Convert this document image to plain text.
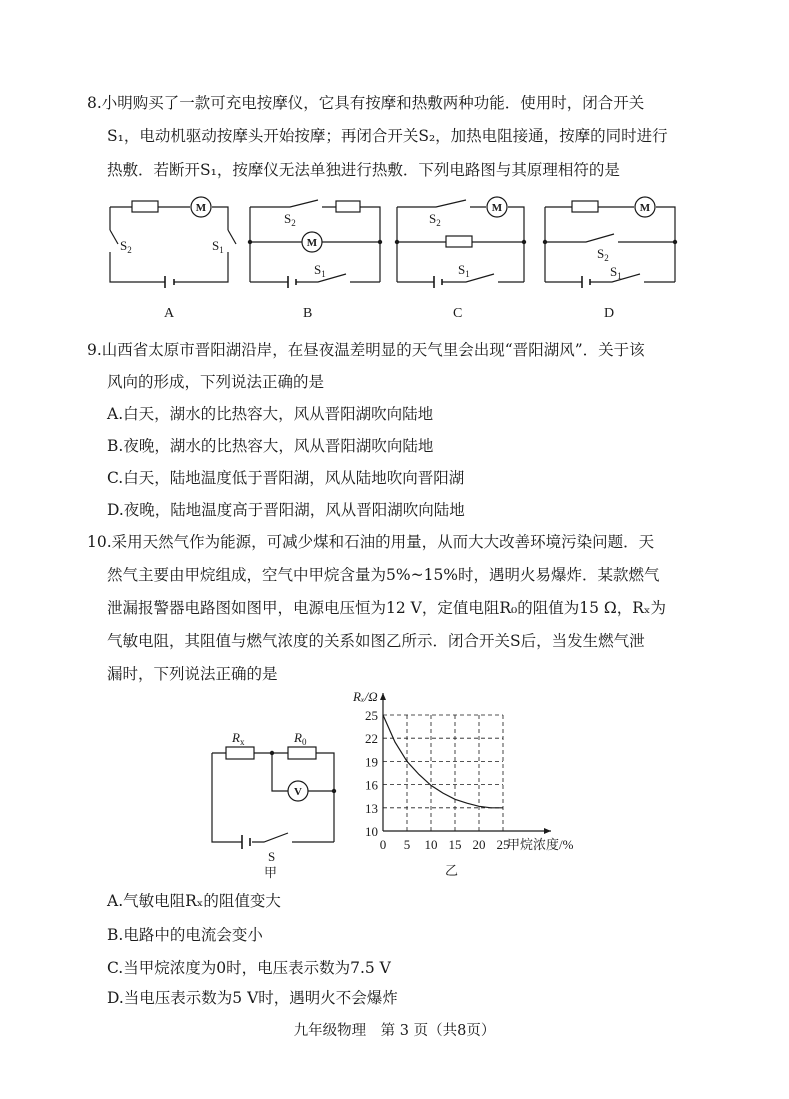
8.小明购买了一款可充电按摩仪，它具有按摩和热敷两种功能．使用时，闭合开关
S₁，电动机驱动按摩头开始按摩；再闭合开关S₂，加热电阻接通，按摩的同时进行
热敷．若断开S₁，按摩仪无法单独进行热敷．下列电路图与其原理相符的是
M
M
M	M
$S_2$	$S_1$
$S_2$
$S_1$
$S_2$
$S_1$
$S_2$
$S_1$
A	B	C	D
9.山西省太原市晋阳湖沿岸，在昼夜温差明显的天气里会出现“晋阳湖风”．关于该
风向的形成，下列说法正确的是
A.白天，湖水的比热容大，风从晋阳湖吹向陆地
B.夜晚，湖水的比热容大，风从晋阳湖吹向陆地
C.白天，陆地温度低于晋阳湖，风从陆地吹向晋阳湖
D.夜晚，陆地温度高于晋阳湖，风从晋阳湖吹向陆地
10.采用天然气作为能源，可减少煤和石油的用量，从而大大改善环境污染问题．天
然气主要由甲烷组成，空气中甲烷含量为5%~15%时，遇明火易爆炸．某款燃气
泄漏报警器电路图如图甲，电源电压恒为12 V，定值电阻R₀的阻值为15 Ω，Rₓ为
气敏电阻，其阻值与燃气浓度的关系如图乙所示．闭合开关S后，当发生燃气泄
漏时，下列说法正确的是
V
$R_x$	$R_0$
S
甲
0 5 10 15 20 25
10
13
16
19
22
25
Rₓ/Ω
甲烷浓度/%
乙
A.气敏电阻Rₓ的阻值变大
B.电路中的电流会变小
C.当甲烷浓度为0时，电压表示数为7.5 V
D.当电压表示数为5 V时，遇明火不会爆炸
九年级物理　第 3 页（共8页）
